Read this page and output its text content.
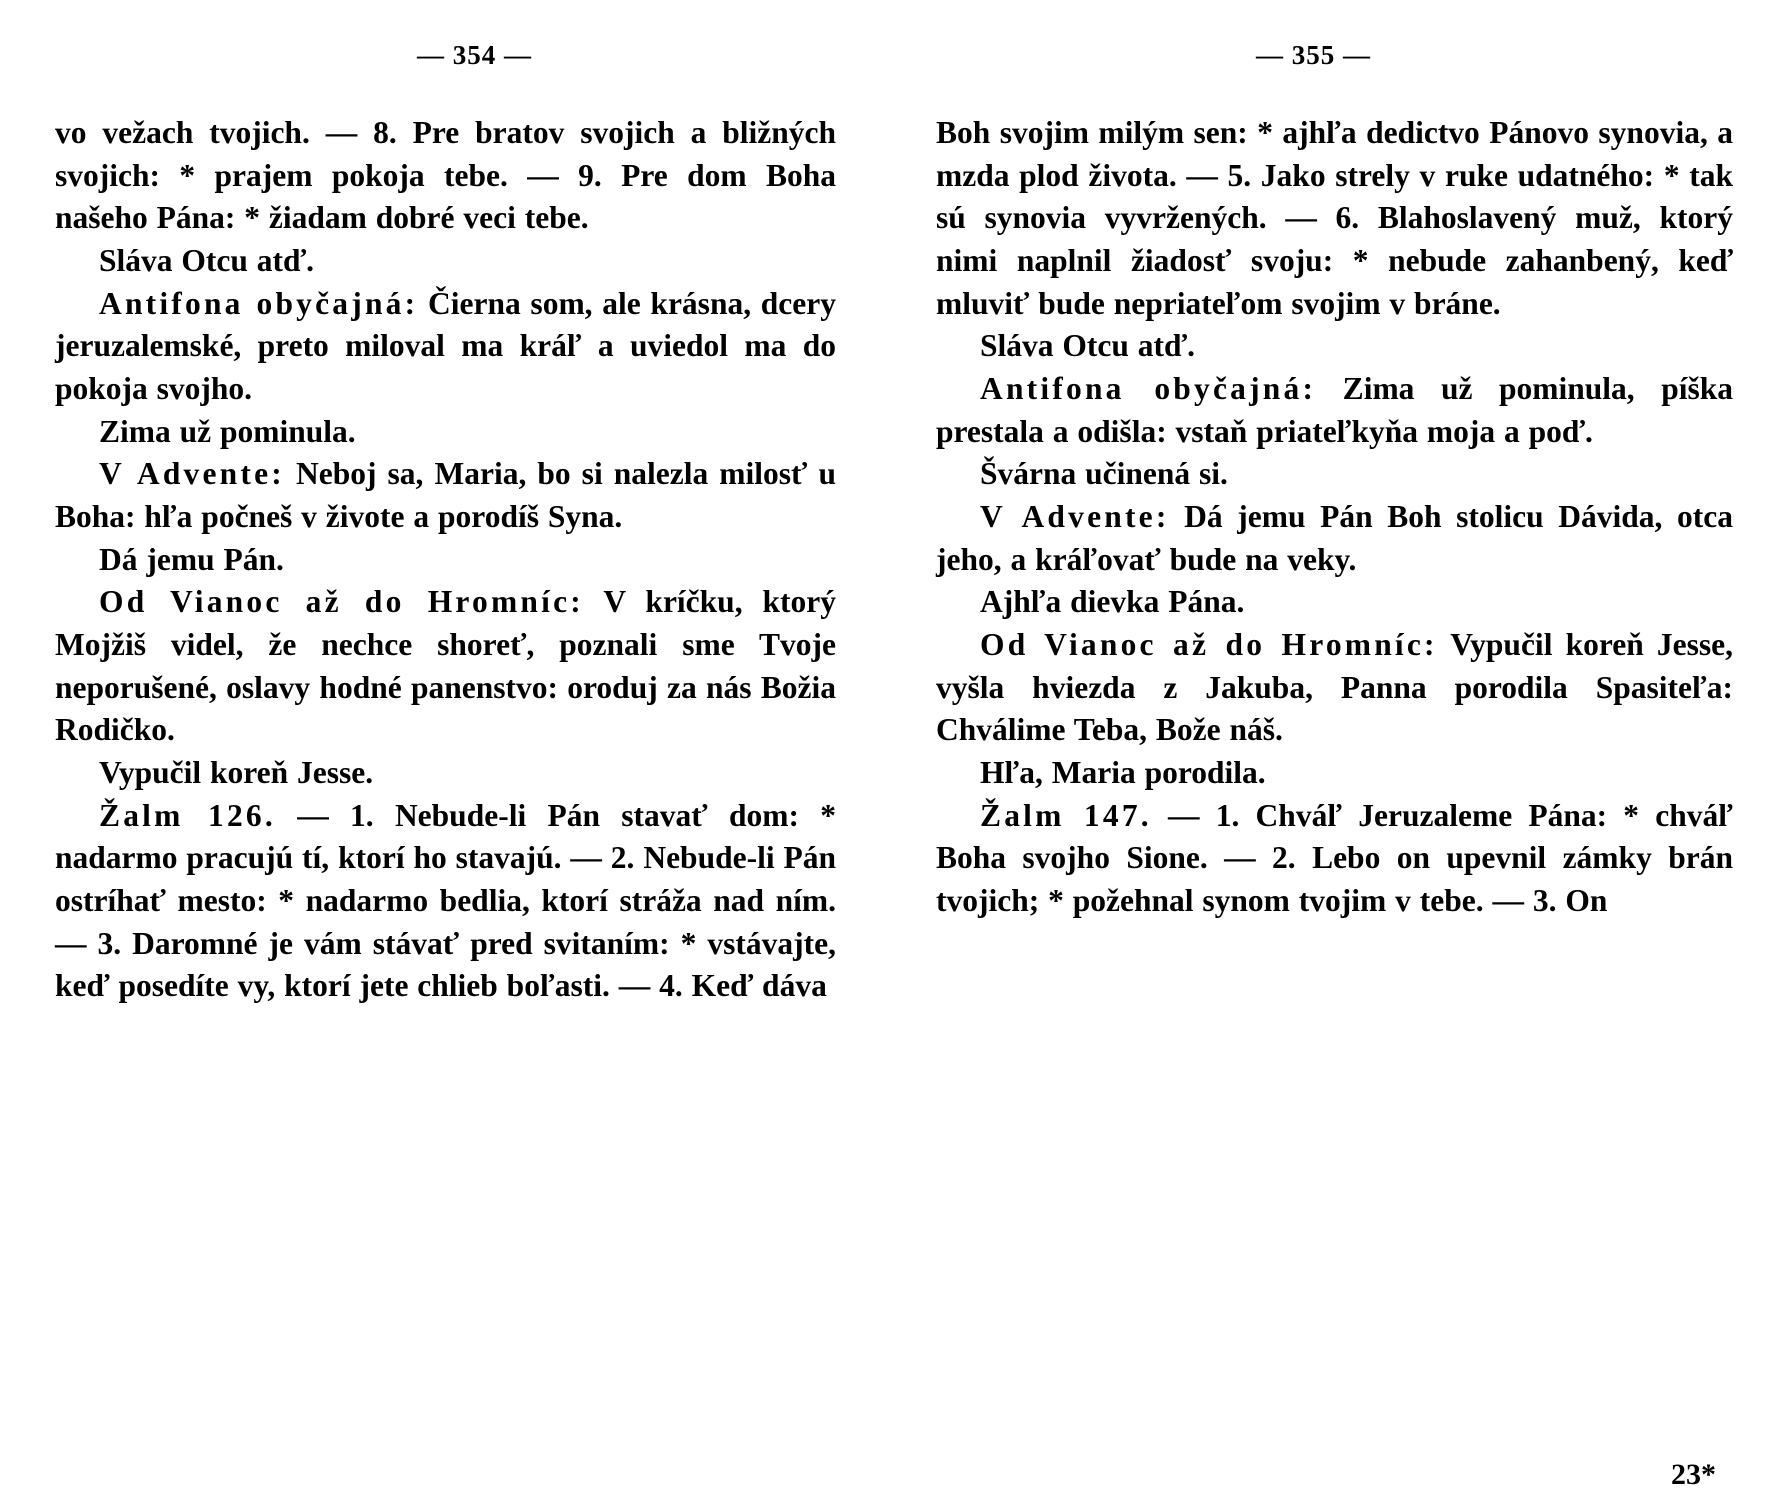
— 354 —	— 355 —

vo vežach tvojich. — 8. Pre bratov svojich a bližných svojich: * prajem pokoja tebe. — 9. Pre dom Boha našeho Pána: * žiadam dobré veci tebe.

Sláva Otcu atď.

Antifona obyčajná: Čierna som, ale krásna, dcery jeruzalemské, preto miloval ma kráľ a uviedol ma do pokoja svojho.

Zima už pominula.

V Advente: Neboj sa, Maria, bo si nalezla milosť u Boha: hľa počneš v živote a porodíš Syna.

Dá jemu Pán.

Od Vianoc až do Hromníc: V kríčku, ktorý Mojžiš videl, že nechce shoreť, poznali sme Tvoje neporušené, oslavy hodné panenstvo: oroduj za nás Božia Rodičko.

Vypučil koreň Jesse.

Žalm 126. — 1. Nebude-li Pán stavať dom: * nadarmo pracujú tí, ktorí ho stavajú. — 2. Nebude-li Pán ostríhať mesto: * nadarmo bedlia, ktorí stráža nad ním. — 3. Daromné je vám stávať pred svitaním: * vstávajte, keď posedíte vy, ktorí jete chlieb boľasti. — 4. Keď dáva

Boh svojim milým sen: * ajhľa dedictvo Pánovo synovia, a mzda plod života. — 5. Jako strely v ruke udatného: * tak sú synovia vyvržených. — 6. Blahoslavený muž, ktorý nimi naplnil žiadosť svoju: * nebude zahanbený, keď mluviť bude nepriateľom svojim v bráne.

Sláva Otcu atď.

Antifona obyčajná: Zima už pominula, píška prestala a odišla: vstaň priateľkyňa moja a poď.

Švárna učinená si.

V Advente: Dá jemu Pán Boh stolicu Dávida, otca jeho, a kráľovať bude na veky.

Ajhľa dievka Pána.

Od Vianoc až do Hromníc: Vypučil koreň Jesse, vyšla hviezda z Jakuba, Panna porodila Spasiteľa: Chválime Teba, Bože náš.

Hľa, Maria porodila.

Žalm 147. — 1. Chváľ Jeruzaleme Pána: * chváľ Boha svojho Sione. — 2. Lebo on upevnil zámky brán tvojich; * požehnal synom tvojim v tebe. — 3. On

23*
